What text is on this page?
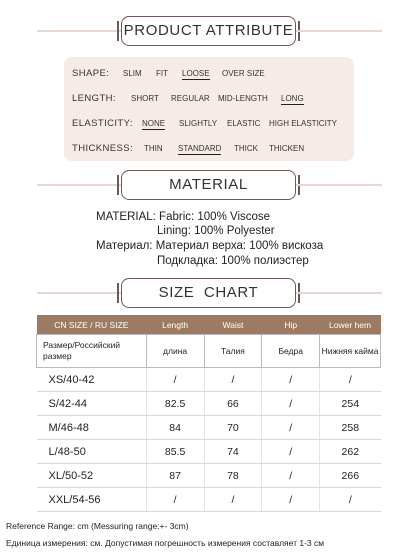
PRODUCT ATTRIBUTE
SHAPE: SLIM FIT LOOSE OVER SIZE
LENGTH: SHORT REGULAR MID-LENGTH LONG
ELASTICITY: NONE SLIGHTLY ELASTIC HIGH ELASTICITY
THICKNESS: THIN STANDARD THICK THICKEN
MATERIAL
MATERIAL: Fabric: 100% Viscose
Lining: 100% Polyester
Материал: Материал верха: 100% вискоза
Подкладка: 100% полиэстер
SIZE  CHART
CN SIZE / RU SIZE	Length	Waist	Hip	Lower hem
Размер/Российский размер	длина	Талия	Бедра	Нижняя кайма
XS/40-42	/	/	/	/
S/42-44	82.5	66	/	254
M/46-48	84	70	/	258
L/48-50	85.5	74	/	262
XL/50-52	87	78	/	266
XXL/54-56	/	/	/	/
Reference Range: cm (Messuring range:+- 3cm)
Единица измерения: см. Допустимая погрешность измерения составляет 1-3 см
